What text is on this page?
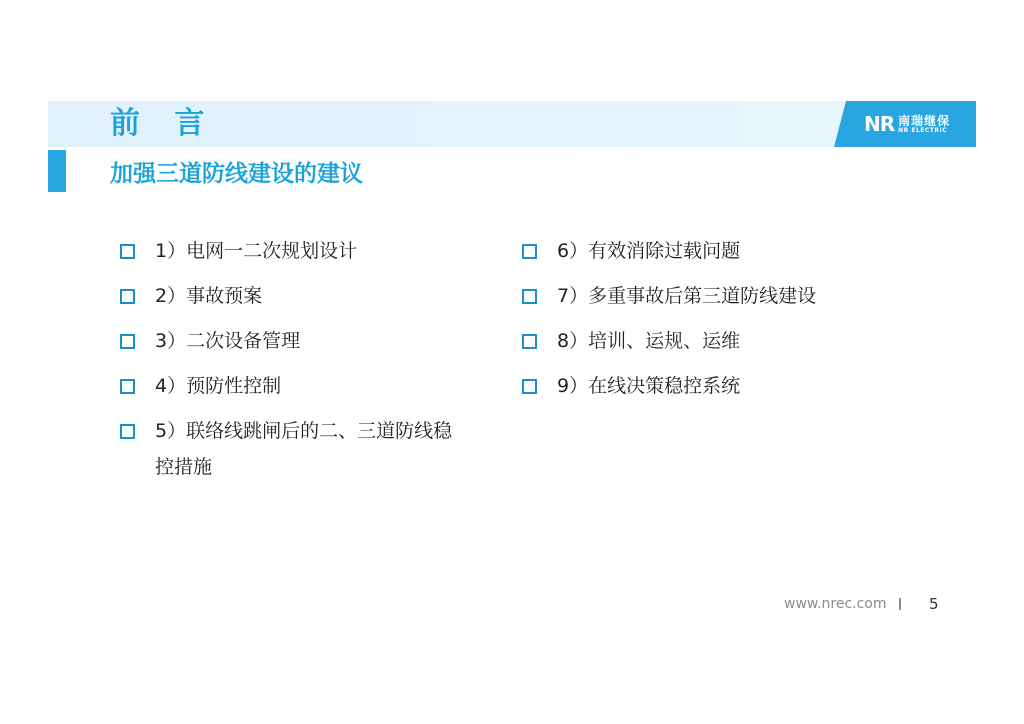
NR 南瑞继保
NR ELECTRIC
前 言
加强三道防线建设的建议
1）电网一二次规划设计
2）事故预案
3）二次设备管理
4）预防性控制
5）联络线跳闸后的二、三道防线稳控措施
6）有效消除过载问题
7）多重事故后第三道防线建设
8）培训、运规、运维
9）在线决策稳控系统
www.nrec.com	5
